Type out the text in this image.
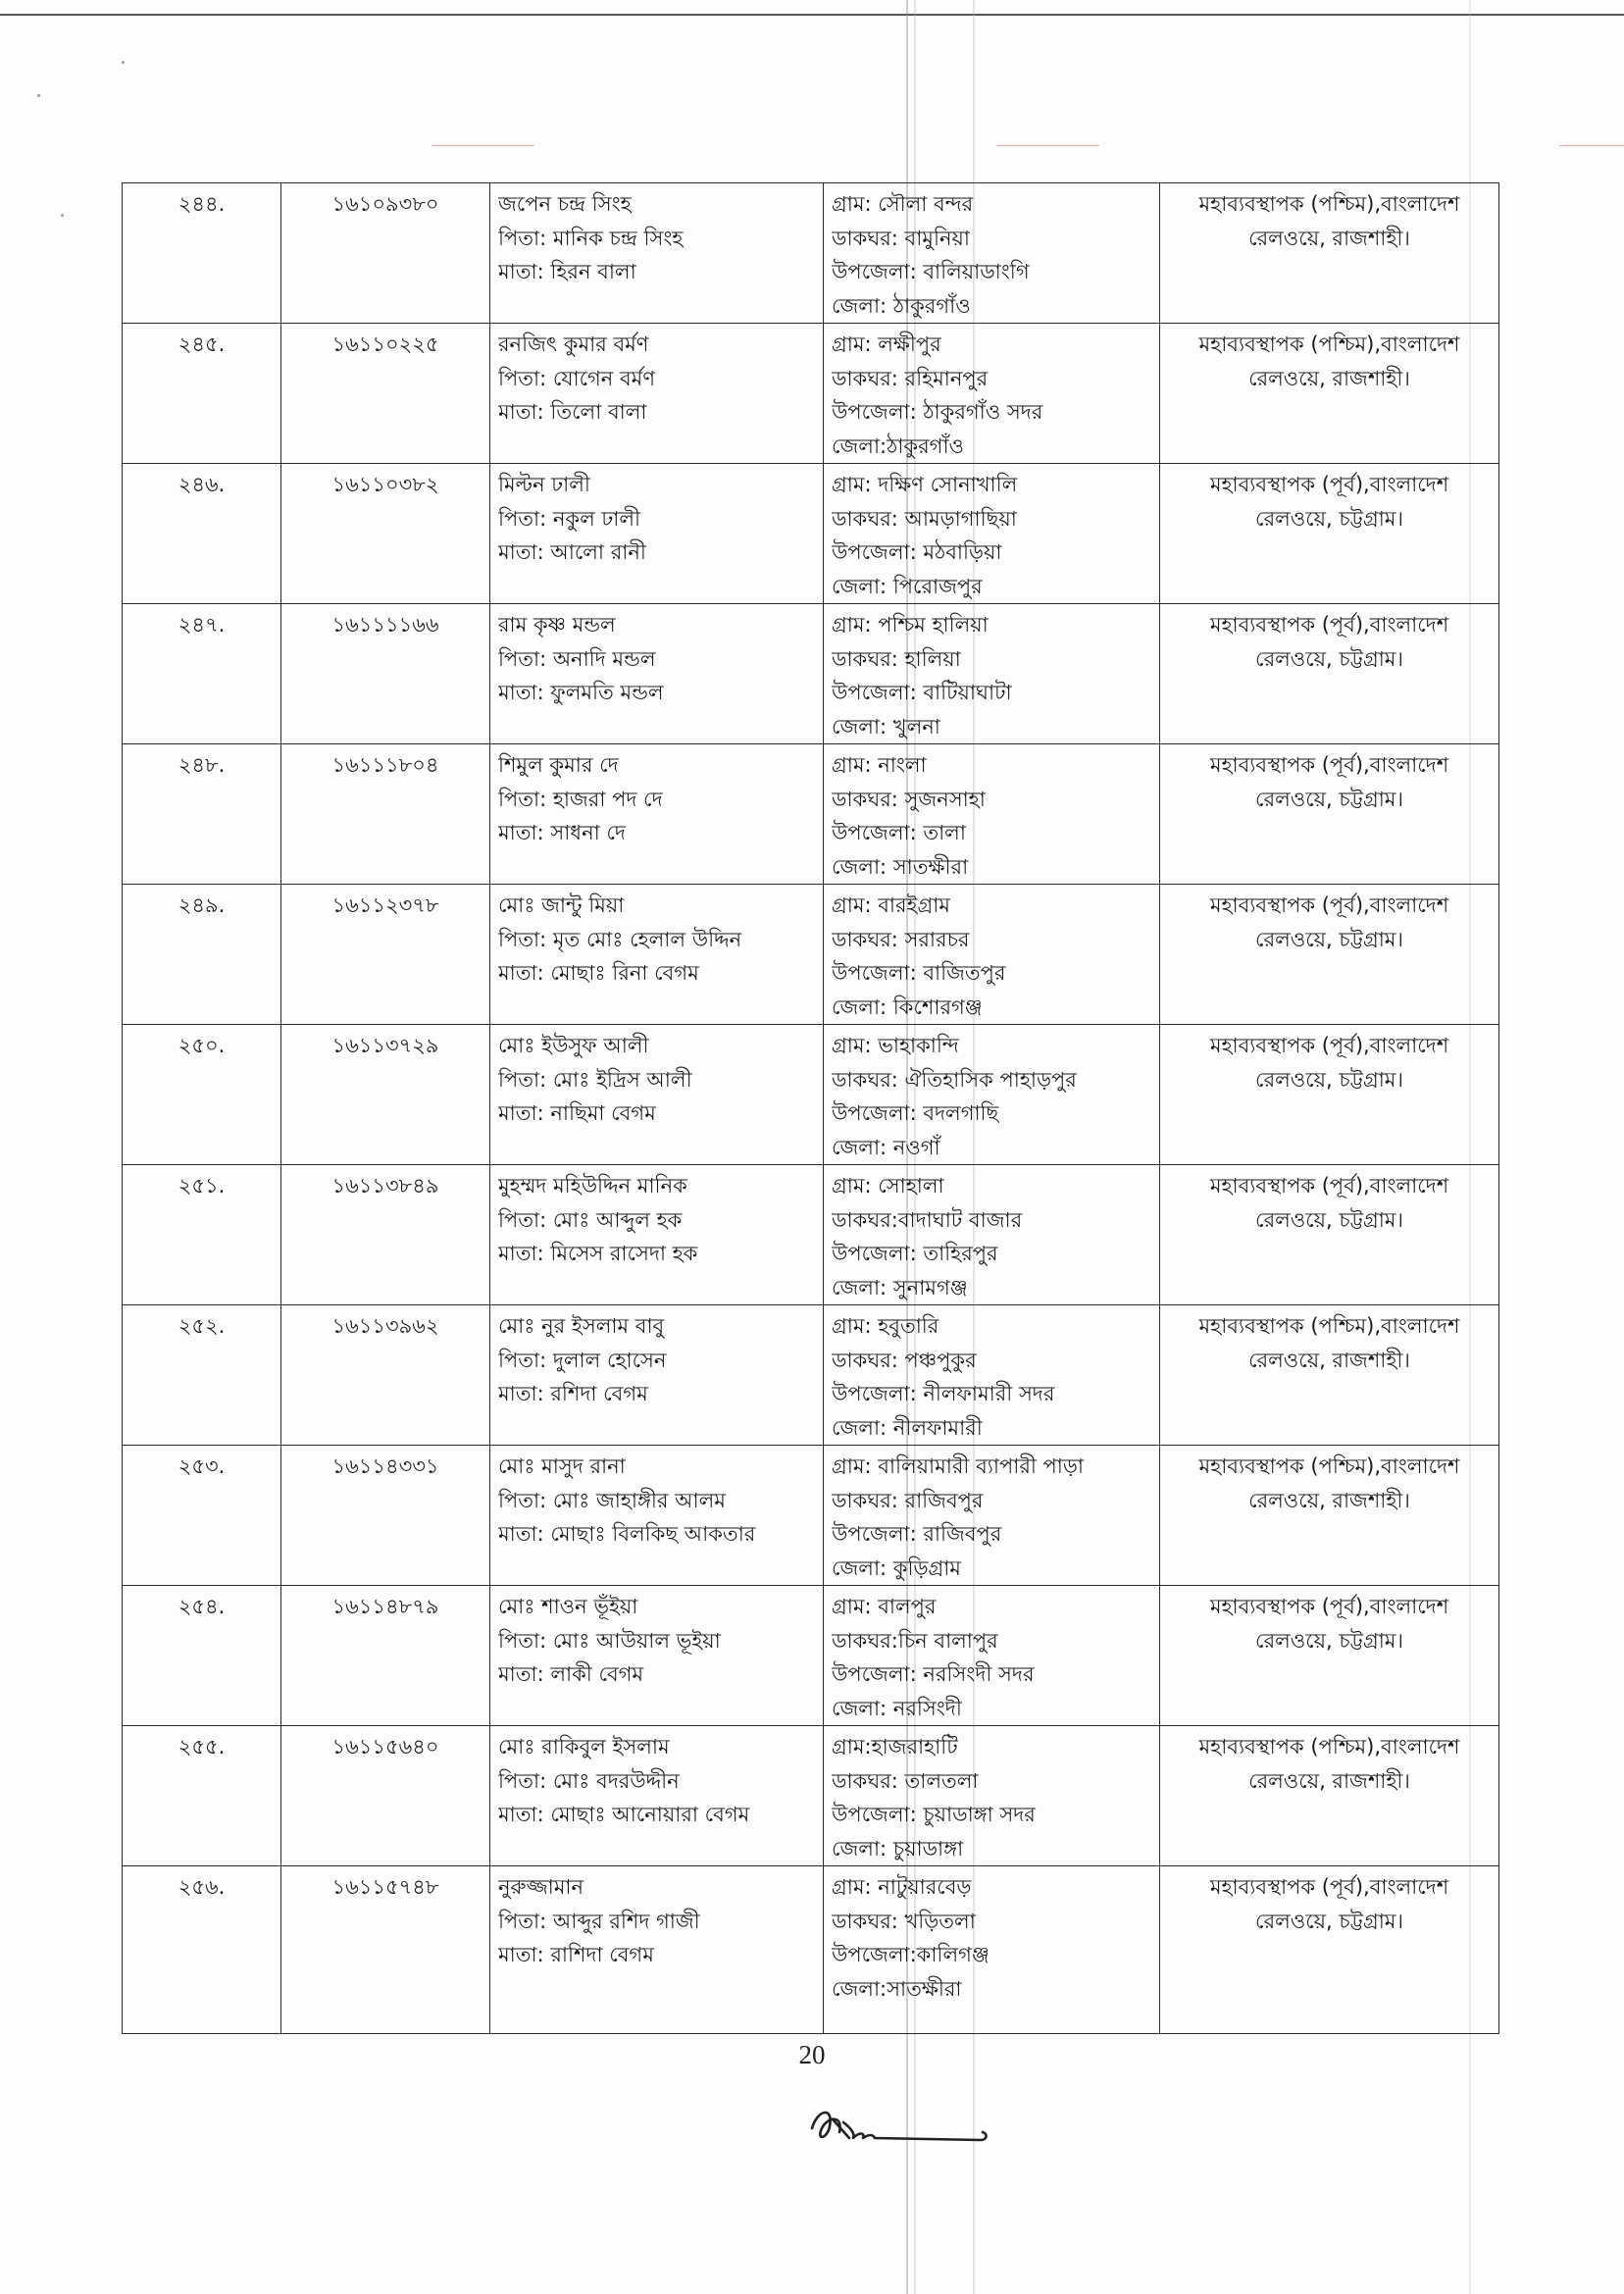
২৪৪.	১৬১০৯৩৮০	জপেন চন্দ্র সিংহ
পিতা: মানিক চন্দ্র সিংহ
মাতা: হিরন বালা	গ্রাম: সৌলা বন্দর
ডাকঘর: বামুনিয়া
উপজেলা: বালিয়াডাংগি
জেলা: ঠাকুরগাঁও	মহাব্যবস্থাপক (পশ্চিম),বাংলাদেশ
রেলওয়ে, রাজশাহী।

২৪৫.	১৬১১০২২৫	রনজিৎ কুমার বর্মণ
পিতা: যোগেন বর্মণ
মাতা: তিলো বালা	গ্রাম: লক্ষীপুর
ডাকঘর: রহিমানপুর
উপজেলা: ঠাকুরগাঁও সদর
জেলা:ঠাকুরগাঁও	মহাব্যবস্থাপক (পশ্চিম),বাংলাদেশ
রেলওয়ে, রাজশাহী।

২৪৬.	১৬১১০৩৮২	মিল্টন ঢালী
পিতা: নকুল ঢালী
মাতা: আলো রানী	গ্রাম: দক্ষিণ সোনাখালি
ডাকঘর: আমড়াগাছিয়া
উপজেলা: মঠবাড়িয়া
জেলা: পিরোজপুর	মহাব্যবস্থাপক (পূর্ব),বাংলাদেশ
রেলওয়ে, চট্টগ্রাম।

২৪৭.	১৬১১১১৬৬	রাম কৃষ্ণ মন্ডল
পিতা: অনাদি মন্ডল
মাতা: ফুলমতি মন্ডল	গ্রাম: পশ্চিম হালিয়া
ডাকঘর: হালিয়া
উপজেলা: বাটিয়াঘাটা
জেলা: খুলনা	মহাব্যবস্থাপক (পূর্ব),বাংলাদেশ
রেলওয়ে, চট্টগ্রাম।

২৪৮.	১৬১১১৮০৪	শিমুল কুমার দে
পিতা: হাজরা পদ দে
মাতা: সাধনা দে	গ্রাম: নাংলা
ডাকঘর: সুজনসাহা
উপজেলা: তালা
জেলা: সাতক্ষীরা	মহাব্যবস্থাপক (পূর্ব),বাংলাদেশ
রেলওয়ে, চট্টগ্রাম।

২৪৯.	১৬১১২৩৭৮	মোঃ জান্টু মিয়া
পিতা: মৃত মোঃ হেলাল উদ্দিন
মাতা: মোছাঃ রিনা বেগম	গ্রাম: বারইগ্রাম
ডাকঘর: সরারচর
উপজেলা: বাজিতপুর
জেলা: কিশোরগঞ্জ	মহাব্যবস্থাপক (পূর্ব),বাংলাদেশ
রেলওয়ে, চট্টগ্রাম।

২৫০.	১৬১১৩৭২৯	মোঃ ইউসুফ আলী
পিতা: মোঃ ইদ্রিস আলী
মাতা: নাছিমা বেগম	গ্রাম: ভাহাকান্দি
ডাকঘর: ঐতিহাসিক পাহাড়পুর
উপজেলা: বদলগাছি
জেলা: নওগাঁ	মহাব্যবস্থাপক (পূর্ব),বাংলাদেশ
রেলওয়ে, চট্টগ্রাম।

২৫১.	১৬১১৩৮৪৯	মুহম্মদ মহিউদ্দিন মানিক
পিতা: মোঃ আব্দুল হক
মাতা: মিসেস রাসেদা হক	গ্রাম: সোহালা
ডাকঘর:বাদাঘাট বাজার
উপজেলা: তাহিরপুর
জেলা: সুনামগঞ্জ	মহাব্যবস্থাপক (পূর্ব),বাংলাদেশ
রেলওয়ে, চট্টগ্রাম।

২৫২.	১৬১১৩৯৬২	মোঃ নুর ইসলাম বাবু
পিতা: দুলাল হোসেন
মাতা: রশিদা বেগম	গ্রাম: হবুতারি
ডাকঘর: পঞ্চপুকুর
উপজেলা: নীলফামারী সদর
জেলা: নীলফামারী	মহাব্যবস্থাপক (পশ্চিম),বাংলাদেশ
রেলওয়ে, রাজশাহী।

২৫৩.	১৬১১৪৩৩১	মোঃ মাসুদ রানা
পিতা: মোঃ জাহাঙ্গীর আলম
মাতা: মোছাঃ বিলকিছ আকতার	গ্রাম: বালিয়ামারী ব্যাপারী পাড়া
ডাকঘর: রাজিবপুর
উপজেলা: রাজিবপুর
জেলা: কুড়িগ্রাম	মহাব্যবস্থাপক (পশ্চিম),বাংলাদেশ
রেলওয়ে, রাজশাহী।

২৫৪.	১৬১১৪৮৭৯	মোঃ শাওন ভূঁইয়া
পিতা: মোঃ আউয়াল ভূইয়া
মাতা: লাকী বেগম	গ্রাম: বালপুর
ডাকঘর:চিন বালাপুর
উপজেলা: নরসিংদী সদর
জেলা: নরসিংদী	মহাব্যবস্থাপক (পূর্ব),বাংলাদেশ
রেলওয়ে, চট্টগ্রাম।

২৫৫.	১৬১১৫৬৪০	মোঃ রাকিবুল ইসলাম
পিতা: মোঃ বদরউদ্দীন
মাতা: মোছাঃ আনোয়ারা বেগম	গ্রাম:হাজরাহাটি
ডাকঘর: তালতলা
উপজেলা: চুয়াডাঙ্গা সদর
জেলা: চুয়াডাঙ্গা	মহাব্যবস্থাপক (পশ্চিম),বাংলাদেশ
রেলওয়ে, রাজশাহী।

২৫৬.	১৬১১৫৭৪৮	নুরুজ্জামান
পিতা: আব্দুর রশিদ গাজী
মাতা: রাশিদা বেগম	গ্রাম: নাটুয়ারবেড়
ডাকঘর: খড়িতলা
উপজেলা:কালিগঞ্জ
জেলা:সাতক্ষীরা	মহাব্যবস্থাপক (পূর্ব),বাংলাদেশ
রেলওয়ে, চট্টগ্রাম।
20
